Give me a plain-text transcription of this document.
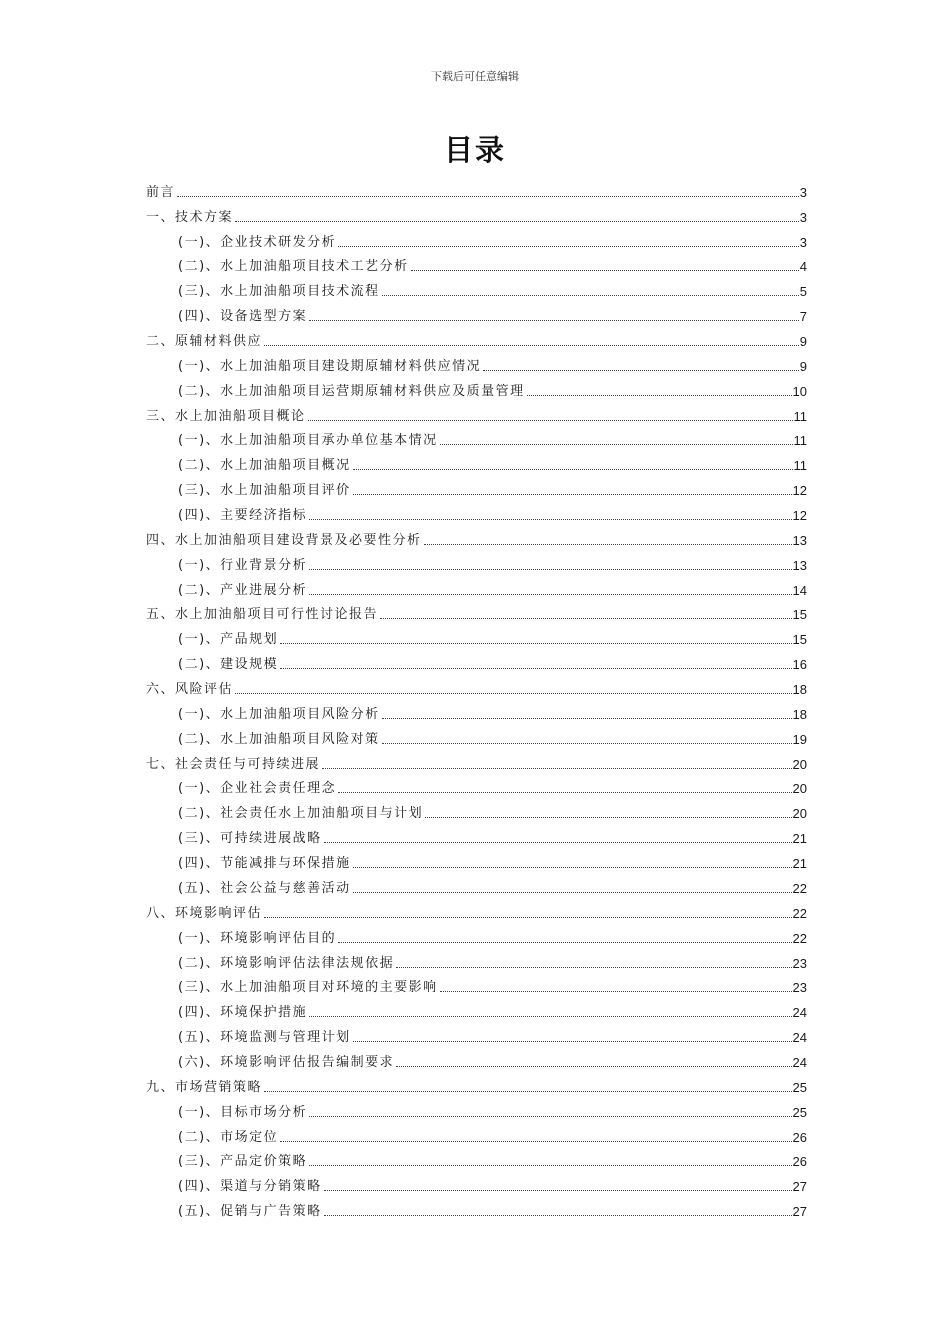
下载后可任意编辑
目录
前言	3
一、技术方案	3
(一)、企业技术研发分析	3
(二)、水上加油船项目技术工艺分析	4
(三)、水上加油船项目技术流程	5
(四)、设备选型方案	7
二、原辅材料供应	9
(一)、水上加油船项目建设期原辅材料供应情况	9
(二)、水上加油船项目运营期原辅材料供应及质量管理	10
三、水上加油船项目概论	11
(一)、水上加油船项目承办单位基本情况	11
(二)、水上加油船项目概况	11
(三)、水上加油船项目评价	12
(四)、主要经济指标	12
四、水上加油船项目建设背景及必要性分析	13
(一)、行业背景分析	13
(二)、产业进展分析	14
五、水上加油船项目可行性讨论报告	15
(一)、产品规划	15
(二)、建设规模	16
六、风险评估	18
(一)、水上加油船项目风险分析	18
(二)、水上加油船项目风险对策	19
七、社会责任与可持续进展	20
(一)、企业社会责任理念	20
(二)、社会责任水上加油船项目与计划	20
(三)、可持续进展战略	21
(四)、节能减排与环保措施	21
(五)、社会公益与慈善活动	22
八、环境影响评估	22
(一)、环境影响评估目的	22
(二)、环境影响评估法律法规依据	23
(三)、水上加油船项目对环境的主要影响	23
(四)、环境保护措施	24
(五)、环境监测与管理计划	24
(六)、环境影响评估报告编制要求	24
九、市场营销策略	25
(一)、目标市场分析	25
(二)、市场定位	26
(三)、产品定价策略	26
(四)、渠道与分销策略	27
(五)、促销与广告策略	27
